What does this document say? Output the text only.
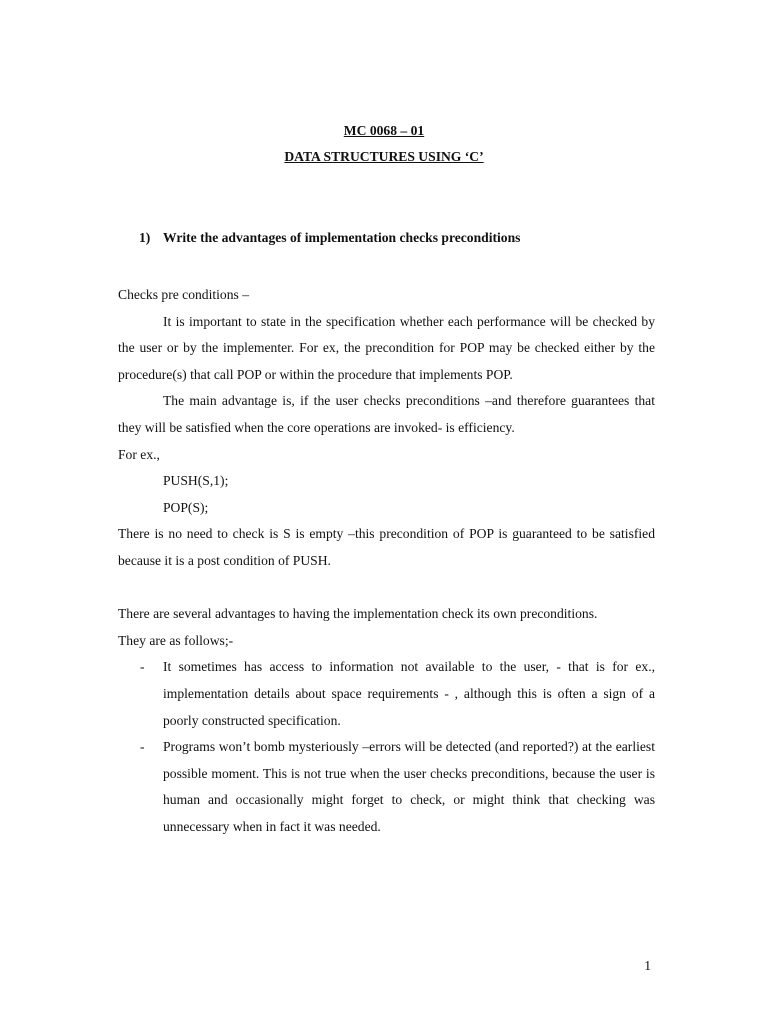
MC 0068 – 01
DATA STRUCTURES USING ‘C’
1) Write the advantages of implementation checks preconditions

Checks pre conditions –

It is important to state in the specification whether each performance will be checked by the user or by the implementer. For ex, the precondition for POP may be checked either by the procedure(s) that call POP or within the procedure that implements POP.

The main advantage is, if the user checks preconditions –and therefore guarantees that they will be satisfied when the core operations are invoked- is efficiency.

For ex.,

PUSH(S,1);

POP(S);

There is no need to check is S is empty –this precondition of POP is guaranteed to be satisfied because it is a post condition of PUSH.

There are several advantages to having the implementation check its own preconditions.

They are as follows;-

- It sometimes has access to information not available to the user, - that is for ex., implementation details about space requirements - , although this is often a sign of a poorly constructed specification.
- Programs won’t bomb mysteriously –errors will be detected (and reported?) at the earliest possible moment. This is not true when the user checks preconditions, because the user is human and occasionally might forget to check, or might think that checking was unnecessary when in fact it was needed.
1
